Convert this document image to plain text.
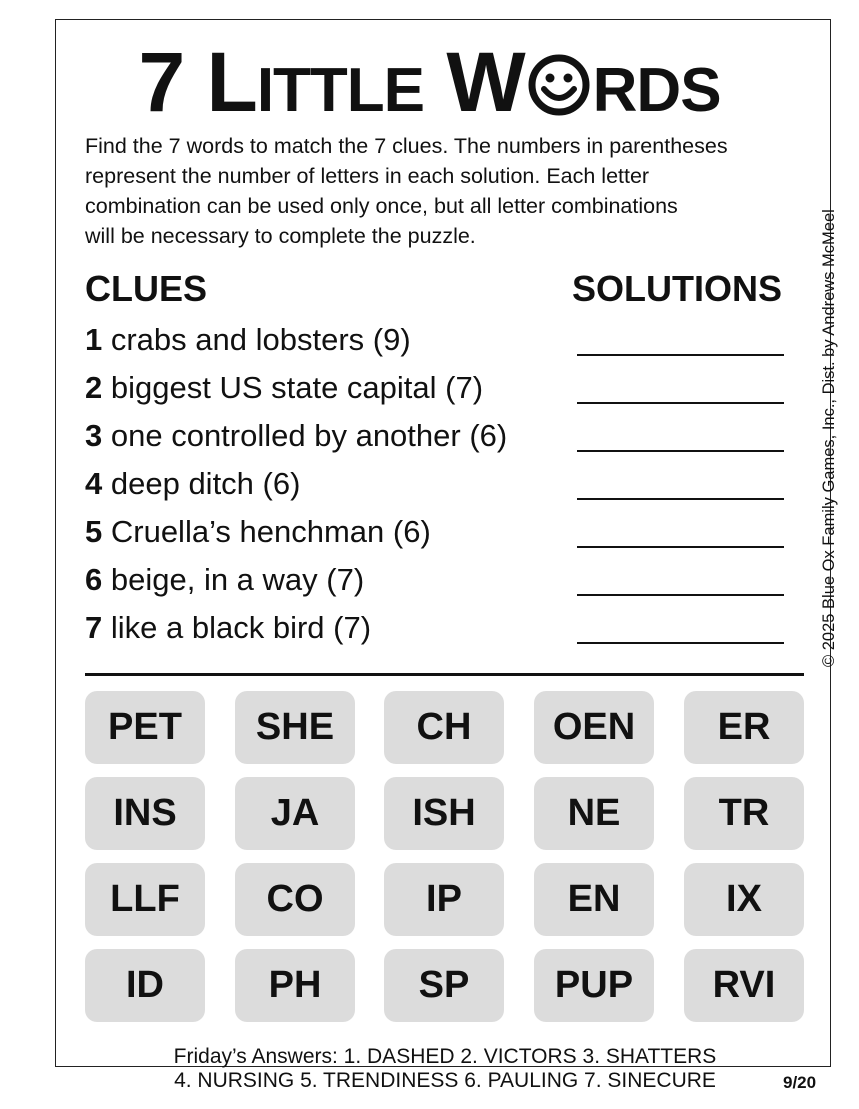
7 LITTLE W RDS
Find the 7 words to match the 7 clues. The numbers in parentheses
represent the number of letters in each solution. Each letter
combination can be used only once, but all letter combinations
will be necessary to complete the puzzle.	© 2025 Blue Ox Family Games, Inc., Dist. by Andrews McMeel
CLUES	SOLUTIONS
1 crabs and lobsters (9)
2 biggest US state capital (7)
3 one controlled by another (6)
4 deep ditch (6)
5 Cruella’s henchman (6)
6 beige, in a way (7)
7 like a black bird (7)
PET	SHE	CH	OEN	ER
INS	JA	ISH	NE	TR
LLF	CO	IP	EN	IX
ID	PH	SP	PUP	RVI
Friday’s Answers: 1. DASHED 2. VICTORS 3. SHATTERS
4. NURSING 5. TRENDINESS 6. PAULING 7. SINECURE	9/20
